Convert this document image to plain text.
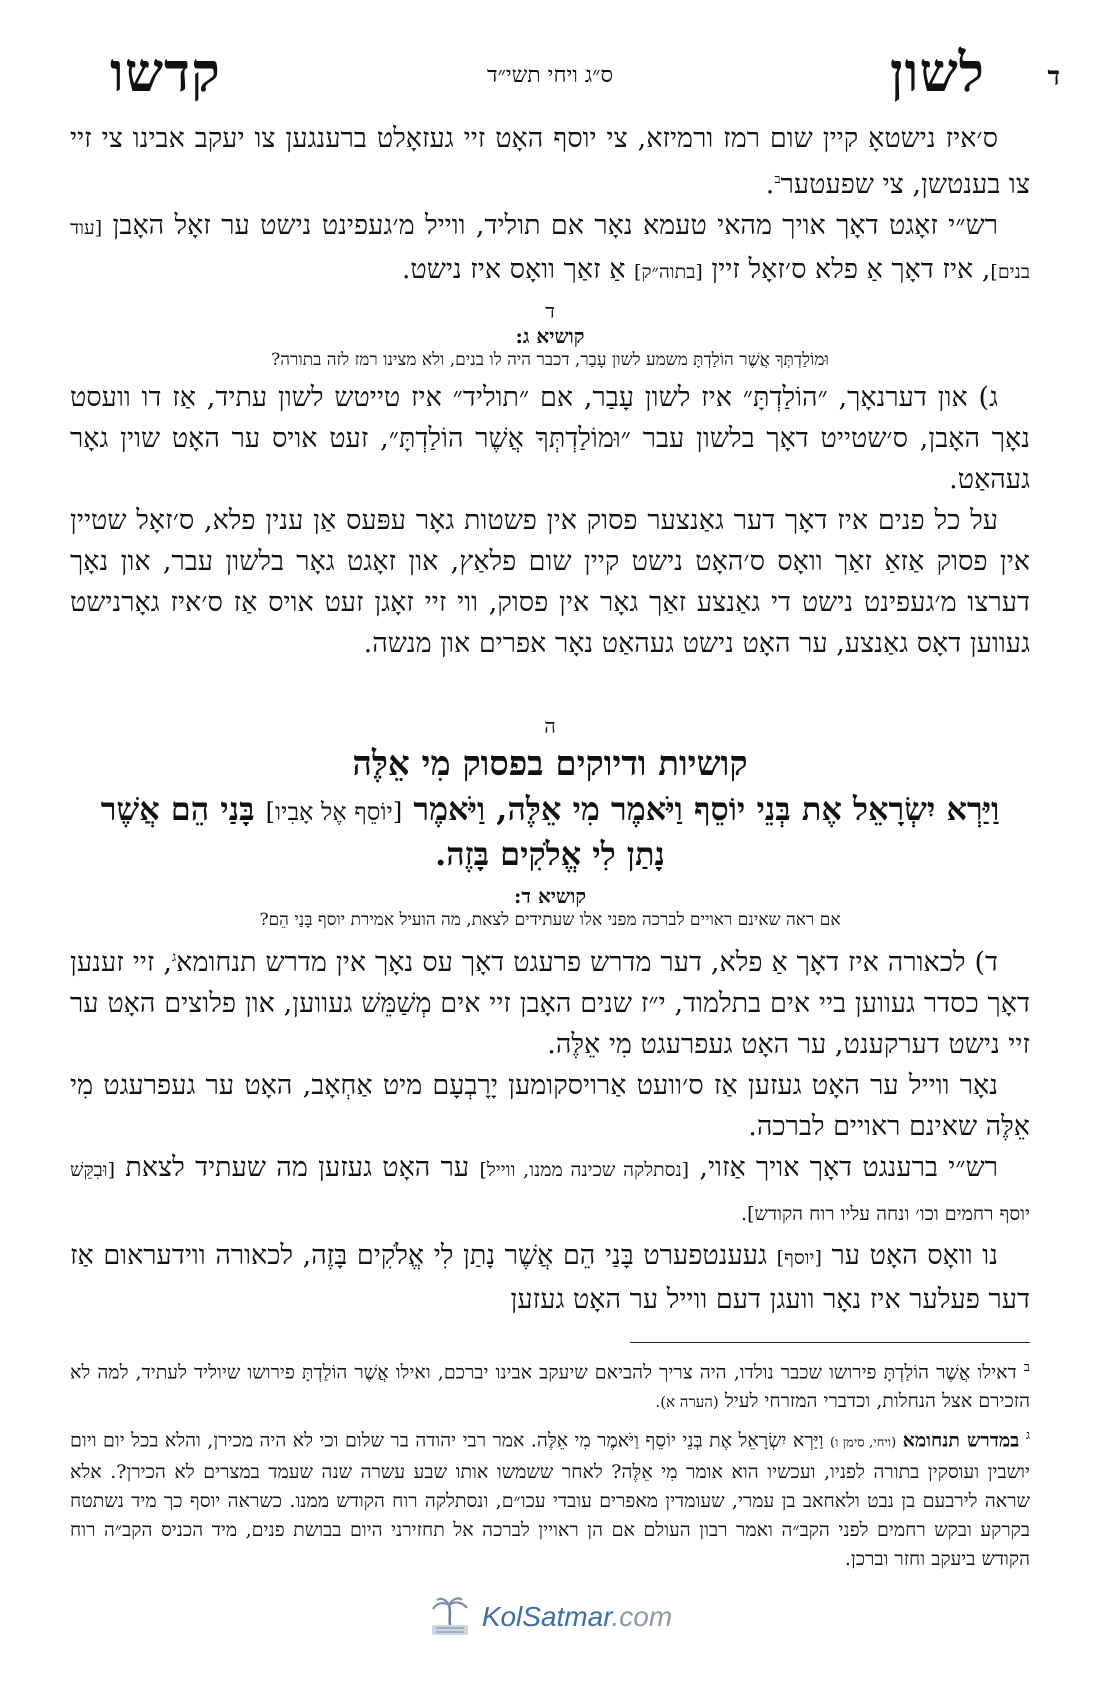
ד
לשון
ס״ג ויחי תשי״ד
קדשו

ס׳איז נישטאָ קיין שום רמז ורמיזא, צי יוסף האָט זיי געזאָלט ברענגען צו יעקב אבינו צי זיי צו בענטשן, צי שפעטער$^ב$.

רש״י זאָגט דאָך אויך מהאי טעמא נאָר אם תוליד, ווייל מ׳געפינט נישט ער זאָל האָבן [עוד בנים], איז דאָך אַ פלא ס׳זאָל זיין [בתוה״ק] אַ זאַך וואָס איז נישט.

ד

קושיא ג:

וּמוֹלַדְתְּךָ אֲשֶׁר הוֹלַדְתָּ משמע לשון עָבַר, דכבר היה לו בנים, ולא מצינו רמז לזה בתורה?

ג) און דערנאָך, ״הוֹלַדְתָּ״ איז לשון עָבַר, אם ״תוליד״ איז טייטש לשון עתיד, אַז דו וועסט נאָך האָבן, ס׳שטייט דאָך בלשון עבר ״וּמוֹלַדְתְּךָ אֲשֶׁר הוֹלַדְתָּ״, זעט אויס ער האָט שוין גאָר געהאַט.

על כל פנים איז דאָך דער גאַנצער פסוק אין פשטות גאָר עפּעס אַן ענין פלא, ס׳זאָל שטיין אין פסוק אַזאַ זאַך וואָס ס׳האָט נישט קיין שום פלאַץ, און זאָגט גאָר בלשון עבר, און נאָך דערצו מ׳געפינט נישט די גאַנצע זאַך גאָר אין פסוק, ווי זיי זאָגן זעט אויס אַז ס׳איז גאָרנישט געווען דאָס גאַנצע, ער האָט נישט געהאַט נאָר אפרים און מנשה.

ה
קושיות ודיוקים בפסוק מִי אֵלֶּה

וַיַּרְא יִשְׂרָאֵל אֶת בְּנֵי יוֹסֵף וַיֹּאמֶר מִי אֵלֶּה, וַיֹּאמֶר [יוֹסֵף אֶל אָבִיו] בָּנַי הֵם אֲשֶׁר נָתַן לִי אֱלֹקִים בָּזֶה.

קושיא ד:

אם ראה שאינם ראויים לברכה מפני אלו שעתידים לצאת, מה הועיל אמירת יוסף בָּנַי הֵם?

ד) לכאורה איז דאָך אַ פלא, דער מדרש פרעגט דאָך עס נאָך אין מדרש תנחומא$^ג$, זיי זענען דאָך כסדר געווען ביי אים בתלמוד, י״ז שנים האָבן זיי אים מְשַׁמֵּשׁ געווען, און פלוצים האָט ער זיי נישט דערקענט, ער האָט געפרעגט מִי אֵלֶּה.

נאָר ווייל ער האָט געזען אַז ס׳וועט אַרויסקומען יָרָבְעָם מיט אַחְאָב, האָט ער געפרעגט מִי אֵלֶּה שאינם ראויים לברכה.

רש״י ברענגט דאָך אויך אַזוי, [נסתלקה שכינה ממנו, ווייל] ער האָט געזען מה שעתיד לצאת [וּבִקֵּשׁ יוסף רחמים וכו׳ ונחה עליו רוח הקודש].

נו וואָס האָט ער [יוסף] געענטפערט בָּנַי הֵם אֲשֶׁר נָתַן לִי אֱלֹקִים בָּזֶה, לכאורה ווידעראום אַז דער פעלער איז נאָר וועגן דעם ווייל ער האָט געזען

$^ב$ דאילו אֲשֶׁר הוֹלַדְתָּ פירושו שכבר נולדו, היה צריך להביאם שיעקב אבינו יברכם, ואילו אֲשֶׁר הוֹלַדְתָּ פירושו שיוליד לעתיד, למה לא הזכירם אצל הנחלות, וכדברי המזרחי לעיל (הערה א).

$^ג$ במדרש תנחומא (ויחי, סימן ו) וַיַּרְא יִשְׂרָאֵל אֶת בְּנֵי יוֹסֵף וַיֹּאמֶר מִי אֵלֶּה. אמר רבי יהודה בר שלום וכי לא היה מכירן, והלא בכל יום ויום יושבין ועוסקין בתורה לפניו, ועכשיו הוא אומר מִי אֵלֶּה? לאחר ששמשו אותו שבע עשרה שנה שעמד במצרים לא הכירן?. אלא שראה לירבעם בן נבט ולאחאב בן עמרי, שעומדין מאפרים עובדי עכו״ם, ונסתלקה רוח הקודש ממנו. כשראה יוסף כך מיד נשתטח בקרקע ובקש רחמים לפני הקב״ה ואמר רבון העולם אם הן ראויין לברכה אל תחזירני היום בבושת פנים, מיד הכניס הקב״ה רוח הקודש ביעקב וחזר וברכן.

KolSatmar.com
